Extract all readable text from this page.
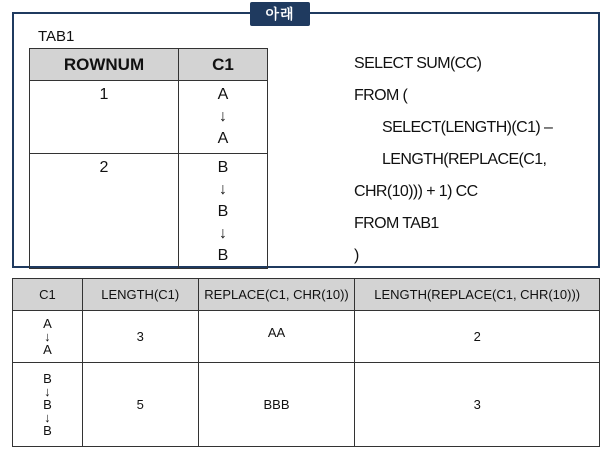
아래
TAB1
ROWNUM	C1
1	A
↓
A

2	B
↓
B
↓
B
SELECT SUM(CC)
FROM (
SELECT(LENGTH)(C1) –
LENGTH(REPLACE(C1,
CHR(10))) + 1) CC
FROM TAB1
)
C1	LENGTH(C1)	REPLACE(C1, CHR(10))	LENGTH(REPLACE(C1, CHR(10)))

A
↓
A	3	AA	2

B
↓
B
↓
B	5	BBB	3
